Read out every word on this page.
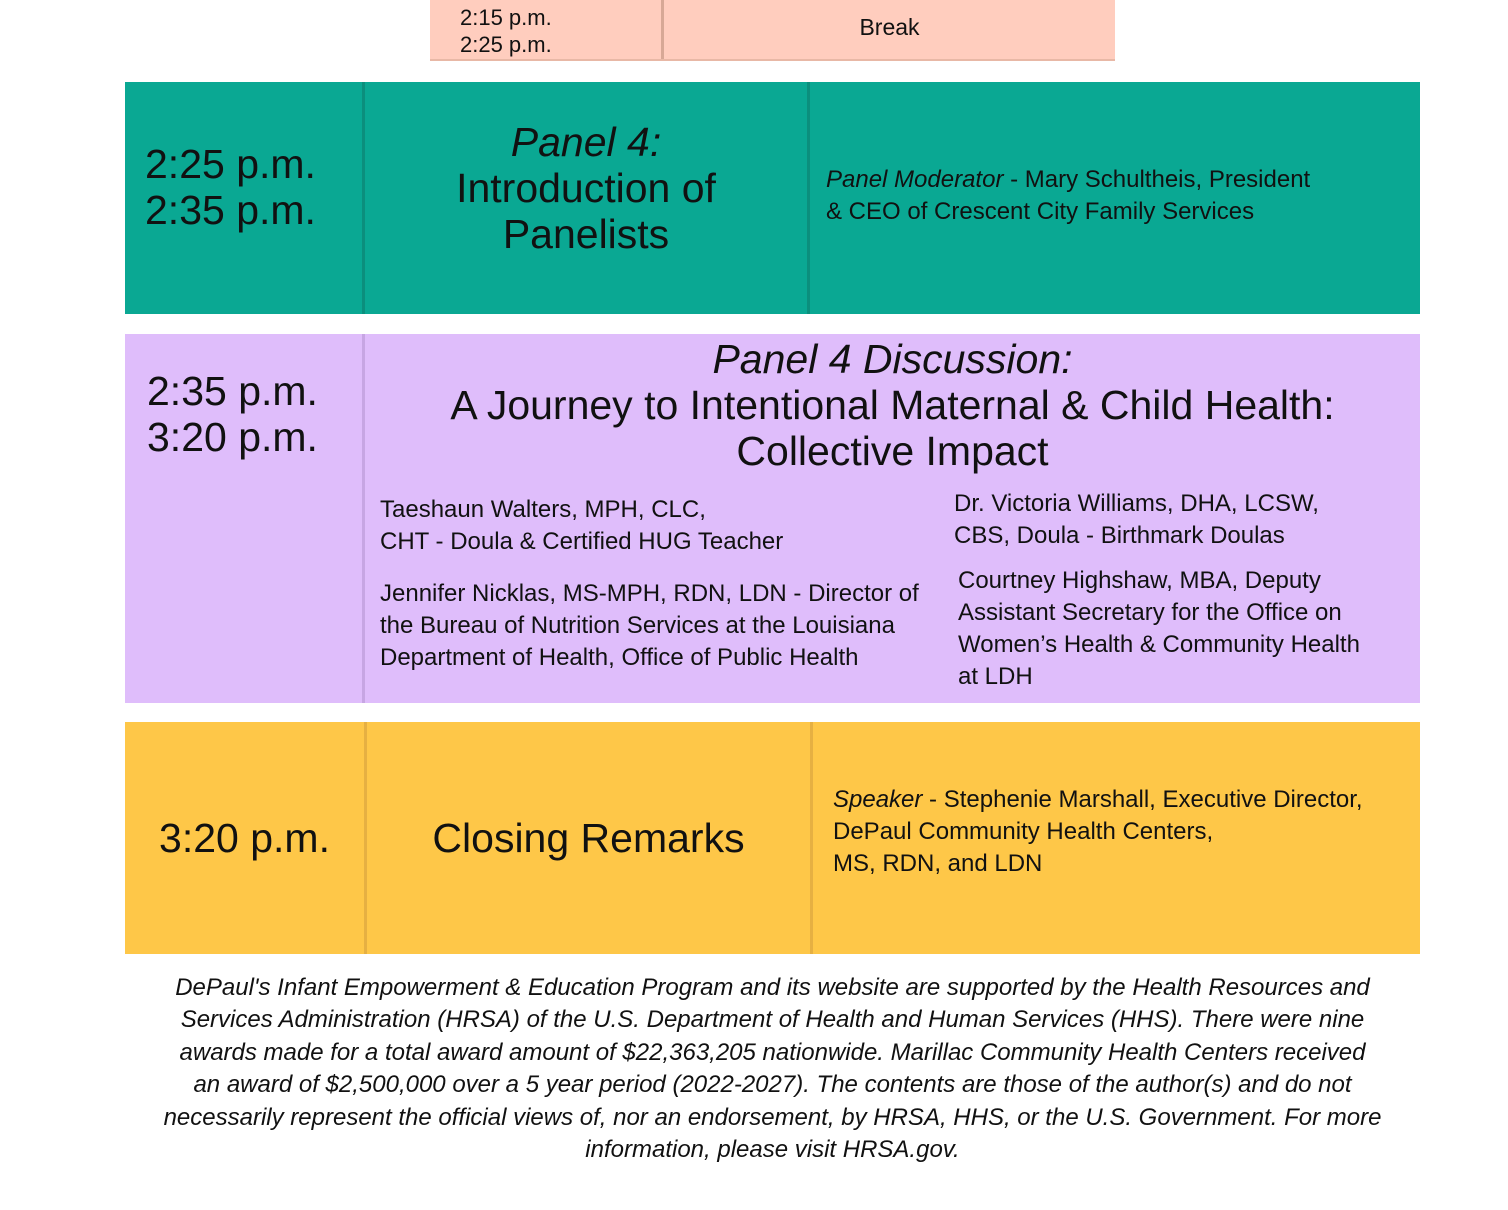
2:15 p.m.
2:25 p.m.
Break
2:25 p.m.
2:35 p.m.
Panel 4:
Introduction of
Panelists
Panel Moderator - Mary Schultheis, President
& CEO of Crescent City Family Services
2:35 p.m.
3:20 p.m.
Panel 4 Discussion:
A Journey to Intentional Maternal & Child Health:
Collective Impact
Taeshaun Walters, MPH, CLC,
CHT - Doula & Certified HUG Teacher
Dr. Victoria Williams, DHA, LCSW,
CBS, Doula - Birthmark Doulas
Jennifer Nicklas, MS-MPH, RDN, LDN - Director of
the Bureau of Nutrition Services at the Louisiana
Department of Health, Office of Public Health
Courtney Highshaw, MBA, Deputy
Assistant Secretary for the Office on
Women’s Health & Community Health
at LDH
3:20 p.m.	Closing Remarks
Speaker - Stephenie Marshall, Executive Director,
DePaul Community Health Centers,
MS, RDN, and LDN
DePaul's Infant Empowerment & Education Program and its website are supported by the Health Resources and
Services Administration (HRSA) of the U.S. Department of Health and Human Services (HHS). There were nine
awards made for a total award amount of $22,363,205 nationwide. Marillac Community Health Centers received
an award of $2,500,000 over a 5 year period (2022-2027). The contents are those of the author(s) and do not
necessarily represent the official views of, nor an endorsement, by HRSA, HHS, or the U.S. Government. For more
information, please visit HRSA.gov.
